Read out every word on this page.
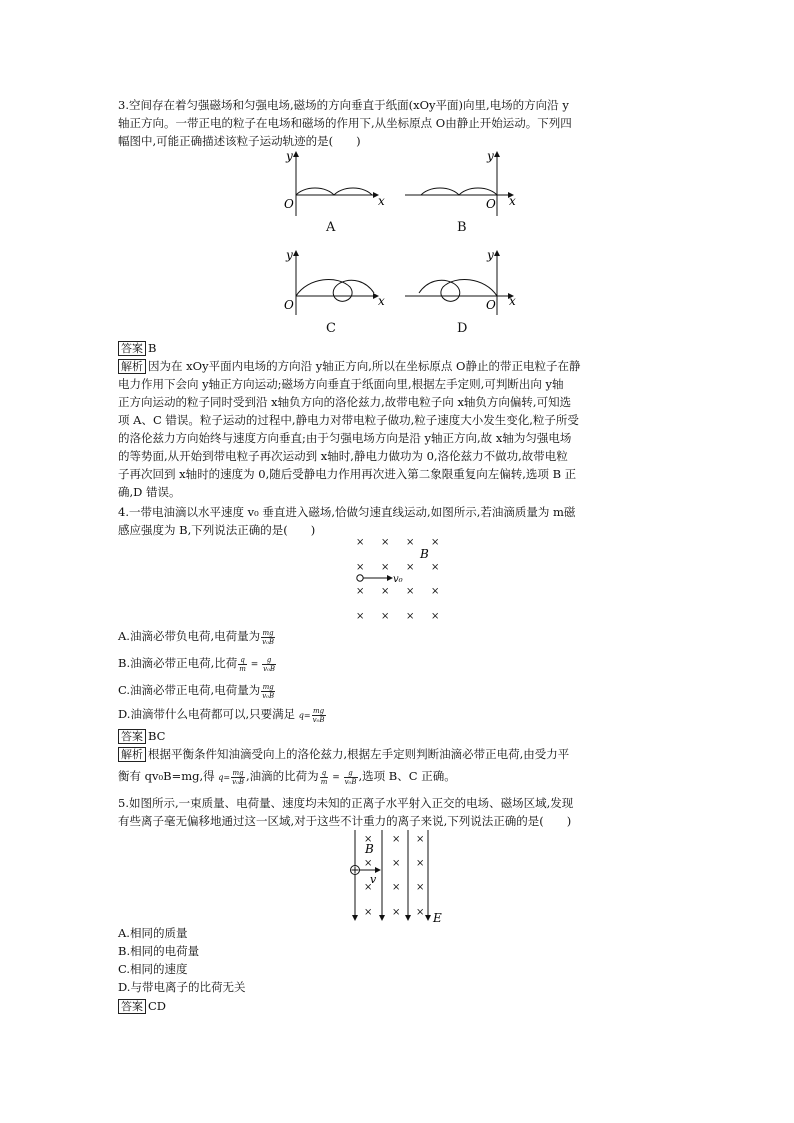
3.空间存在着匀强磁场和匀强电场,磁场的方向垂直于纸面(xOy平面)向里,电场的方向沿 y
轴正方向。一带正电的粒子在电场和磁场的作用下,从坐标原点 O由静止开始运动。下列四
幅图中,可能正确描述该粒子运动轨迹的是(　　)
y
x
O
A
y
x
O
B
y
x
O
C
y
x
O
D
答案 B
解析 因为在 xOy平面内电场的方向沿 y轴正方向,所以在坐标原点 O静止的带正电粒子在静
电力作用下会向 y轴正方向运动;磁场方向垂直于纸面向里,根据左手定则,可判断出向 y轴
正方向运动的粒子同时受到沿 x轴负方向的洛伦兹力,故带电粒子向 x轴负方向偏转,可知选
项 A、C 错误。粒子运动的过程中,静电力对带电粒子做功,粒子速度大小发生变化,粒子所受
的洛伦兹力方向始终与速度方向垂直;由于匀强电场方向是沿 y轴正方向,故 x轴为匀强电场
的等势面,从开始到带电粒子再次运动到 x轴时,静电力做功为 0,洛伦兹力不做功,故带电粒
子再次回到 x轴时的速度为 0,随后受静电力作用再次进入第二象限重复向左偏转,选项 B 正
确,D 错误。
4.一带电油滴以水平速度 v₀ 垂直进入磁场,恰做匀速直线运动,如图所示,若油滴质量为 m磁
感应强度为 B,下列说法正确的是(　　)
× × × ×
× × × ×
× × × ×
× × × ×
B
v₀
A.油滴必带负电荷,电荷量为 $\frac{mg}{\text{v₀B}}$
B.油滴必带正电荷,比荷 $\frac{q}{m} = \frac{g}{\text{v₀B}}$
C.油滴必带正电荷,电荷量为 $\frac{mg}{\text{v₀B}}$
D.油滴带什么电荷都可以,只要满足 $q= \frac{mg}{\text{v₀B}}$
答案 BC
解析 根据平衡条件知油滴受向上的洛伦兹力,根据左手定则判断油滴必带正电荷,由受力平
衡有 qv₀B=mg,得 $q= \frac{mg}{\text{v₀B}}$ ,油滴的比荷为 $\frac{q}{m} = \frac{g}{\text{v₀B}}$ ,选项 B、C 正确。
5.如图所示,一束质量、电荷量、速度均未知的正离子水平射入正交的电场、磁场区域,发现
有些离子毫无偏移地通过这一区域,对于这些不计重力的离子来说,下列说法正确的是(　　)
× × ×
× × ×
× × ×
× × ×
B
v
E
A.相同的质量
B.相同的电荷量
C.相同的速度
D.与带电离子的比荷无关
答案 CD
